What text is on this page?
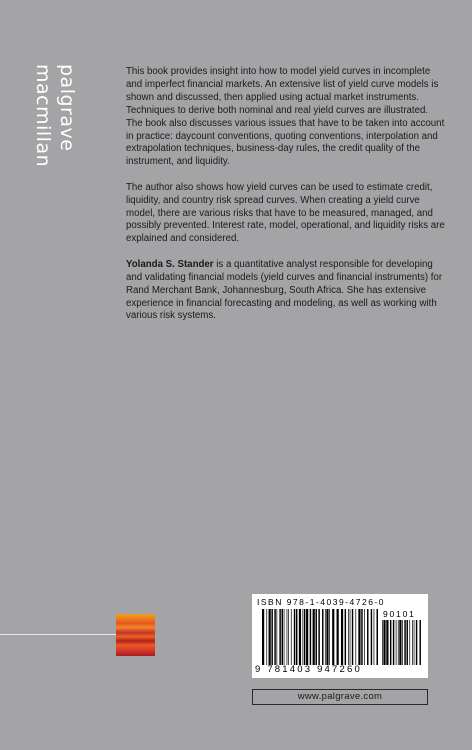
palgrave
macmillan	This book provides insight into how to model yield curves in incomplete and imperfect financial markets. An extensive list of yield curve models is shown and discussed, then applied using actual market instruments. Techniques to derive both nominal and real yield curves are illustrated. The book also discusses various issues that have to be taken into account in practice: daycount conventions, quoting conventions, interpolation and extrapolation techniques, business-day rules, the credit quality of the instrument, and liquidity.

The author also shows how yield curves can be used to estimate credit, liquidity, and country risk spread curves. When creating a yield curve model, there are various risks that have to be measured, managed, and possibly prevented. Interest rate, model, operational, and liquidity risks are explained and considered.

Yolanda S. Stander is a quantitative analyst responsible for developing and validating financial models (yield curves and financial instruments) for Rand Merchant Bank, Johannesburg, South Africa. She has extensive experience in financial forecasting and modeling, as well as working with various risk systems.

ISBN 978-1-4039-4726-0
90101
9 781403 947260
www.palgrave.com
